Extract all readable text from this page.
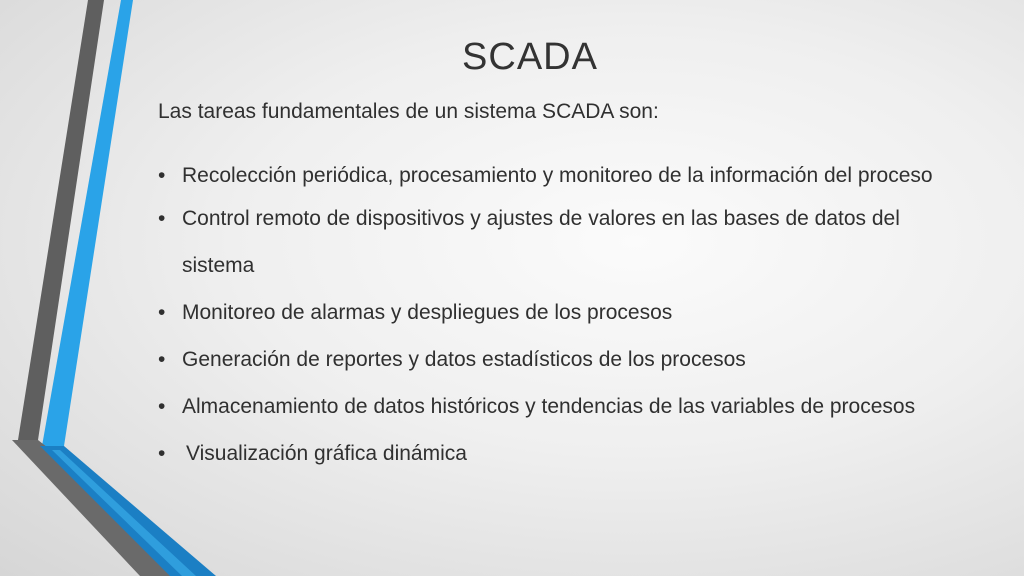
SCADA
Las tareas fundamentales de un sistema SCADA son:
• Recolección periódica, procesamiento y monitoreo de la información del proceso
• Control remoto de dispositivos y ajustes de valores en las bases de datos del sistema
• Monitoreo de alarmas y despliegues de los procesos
• Generación de reportes y datos estadísticos de los procesos
• Almacenamiento de datos históricos y tendencias de las variables de procesos
• Visualización gráfica dinámica
